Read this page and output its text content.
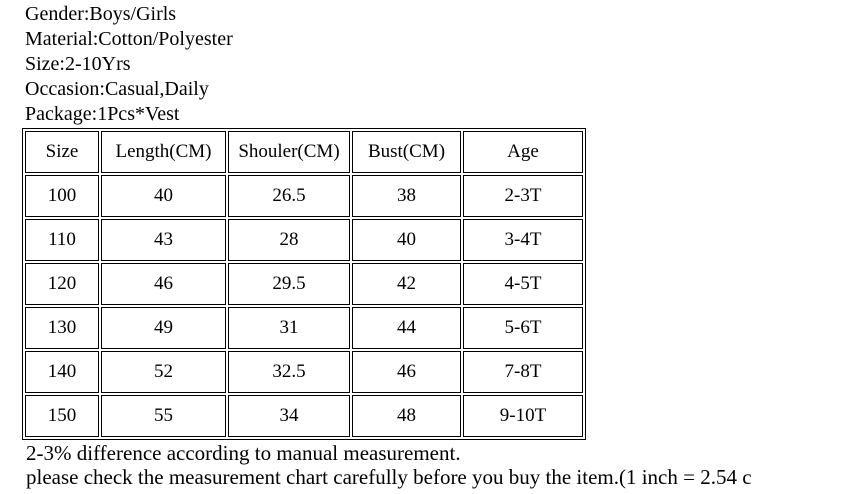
Gender:Boys/Girls
Material:Cotton/Polyester
Size:2-10Yrs
Occasion:Casual,Daily
Package:1Pcs*Vest
Size	Length(CM)	Shouler(CM)	Bust(CM)	Age
100	40	26.5	38	2-3T
110	43	28	40	3-4T
120	46	29.5	42	4-5T
130	49	31	44	5-6T
140	52	32.5	46	7-8T
150	55	34	48	9-10T
2-3% difference according to manual measurement.
please check the measurement chart carefully before you buy the item.(1 inch = 2.54 c
